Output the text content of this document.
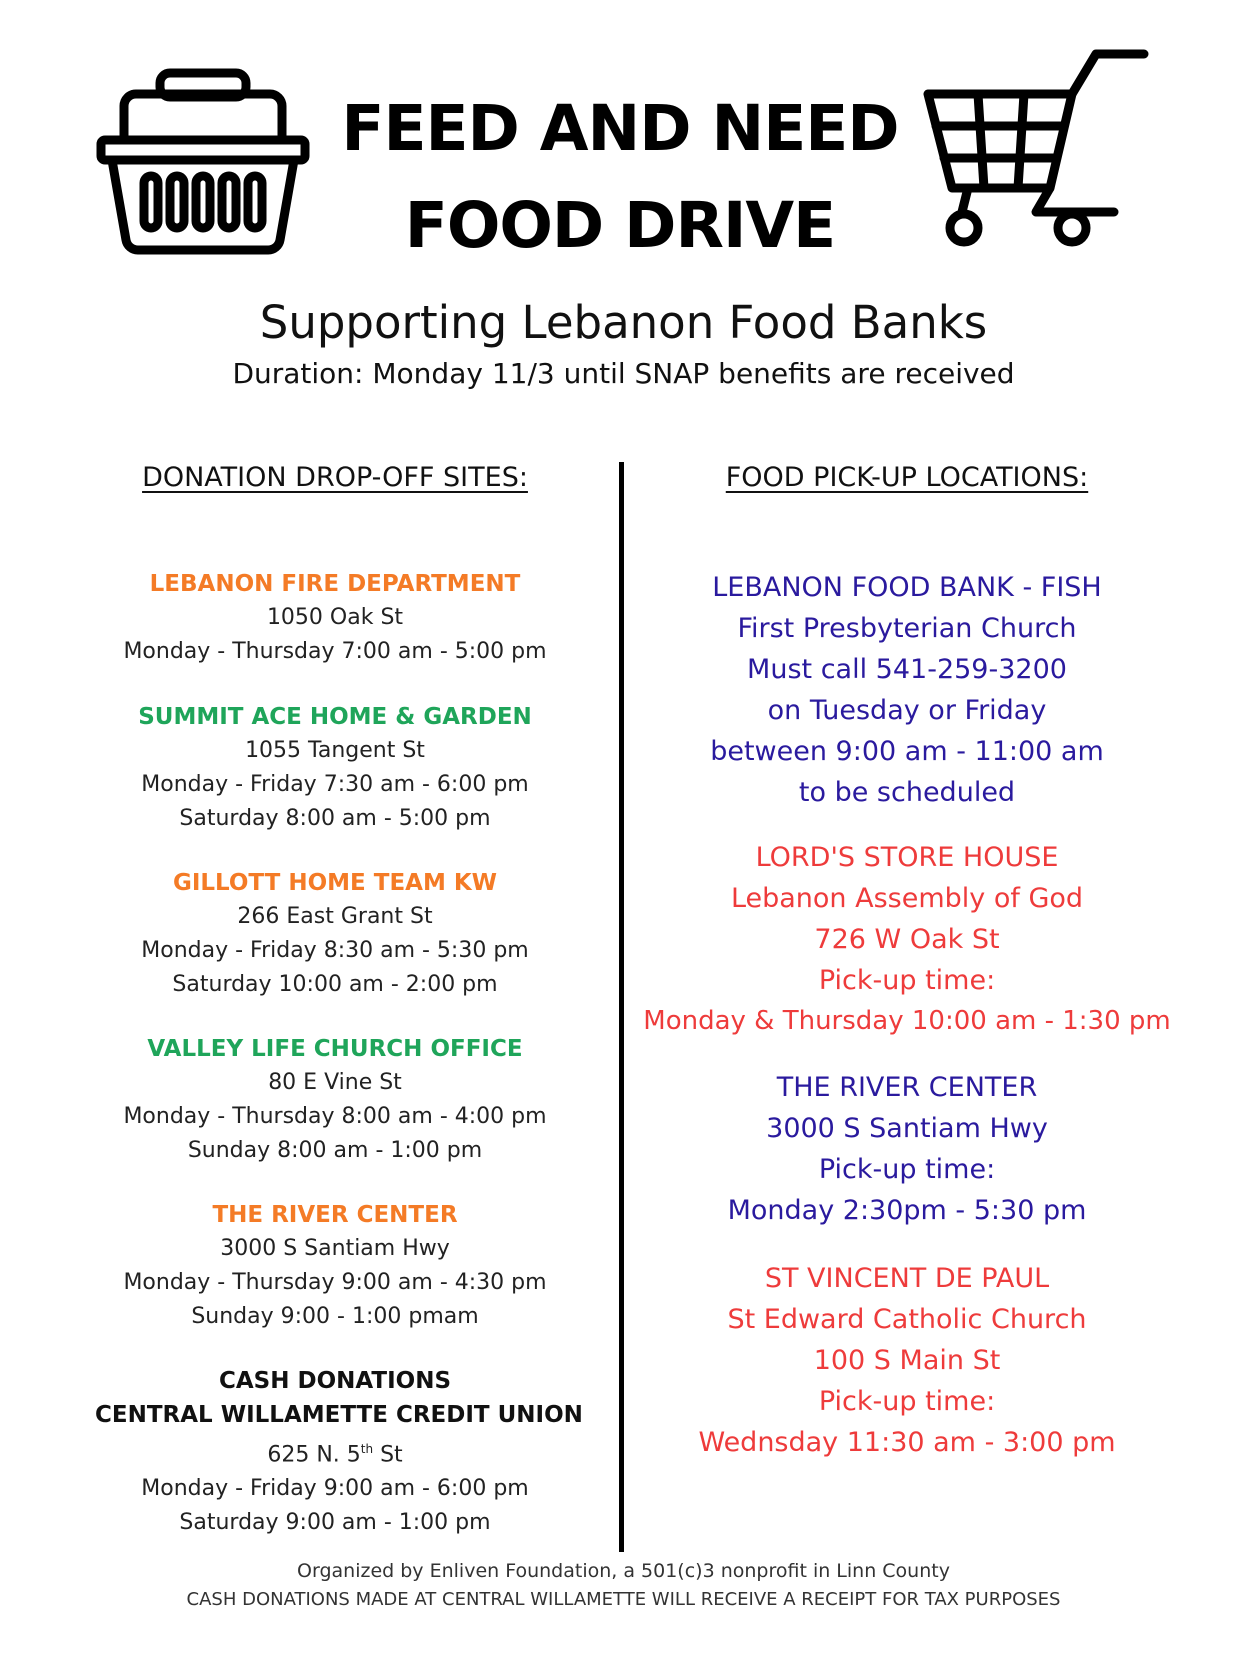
FEED AND NEED
FOOD DRIVE
Supporting Lebanon Food Banks
Duration: Monday 11/3 until SNAP benefits are received
DONATION DROP-OFF SITES:	FOOD PICK-UP LOCATIONS:
LEBANON FIRE DEPARTMENT
1050 Oak St
Monday - Thursday 7:00 am - 5:00 pm
SUMMIT ACE HOME & GARDEN
1055 Tangent St
Monday - Friday 7:30 am - 6:00 pm
Saturday 8:00 am - 5:00 pm
GILLOTT HOME TEAM KW
266 East Grant St
Monday - Friday 8:30 am - 5:30 pm
Saturday 10:00 am - 2:00 pm
VALLEY LIFE CHURCH OFFICE
80 E Vine St
Monday - Thursday 8:00 am - 4:00 pm
Sunday 8:00 am - 1:00 pm
THE RIVER CENTER
3000 S Santiam Hwy
Monday - Thursday 9:00 am - 4:30 pm
Sunday 9:00 - 1:00 pmam
CASH DONATIONS
CENTRAL WILLAMETTE CREDIT UNION
625 N. 5th St
Monday - Friday 9:00 am - 6:00 pm
Saturday 9:00 am - 1:00 pm
LEBANON FOOD BANK - FISH
First Presbyterian Church
Must call 541-259-3200
on Tuesday or Friday
between 9:00 am - 11:00 am
to be scheduled
LORD'S STORE HOUSE
Lebanon Assembly of God
726 W Oak St
Pick-up time:
Monday & Thursday 10:00 am - 1:30 pm
THE RIVER CENTER
3000 S Santiam Hwy
Pick-up time:
Monday 2:30pm - 5:30 pm
ST VINCENT DE PAUL
St Edward Catholic Church
100 S Main St
Pick-up time:
Wednsday 11:30 am - 3:00 pm
Organized by Enliven Foundation, a 501(c)3 nonprofit in Linn County
CASH DONATIONS MADE AT CENTRAL WILLAMETTE WILL RECEIVE A RECEIPT FOR TAX PURPOSES
